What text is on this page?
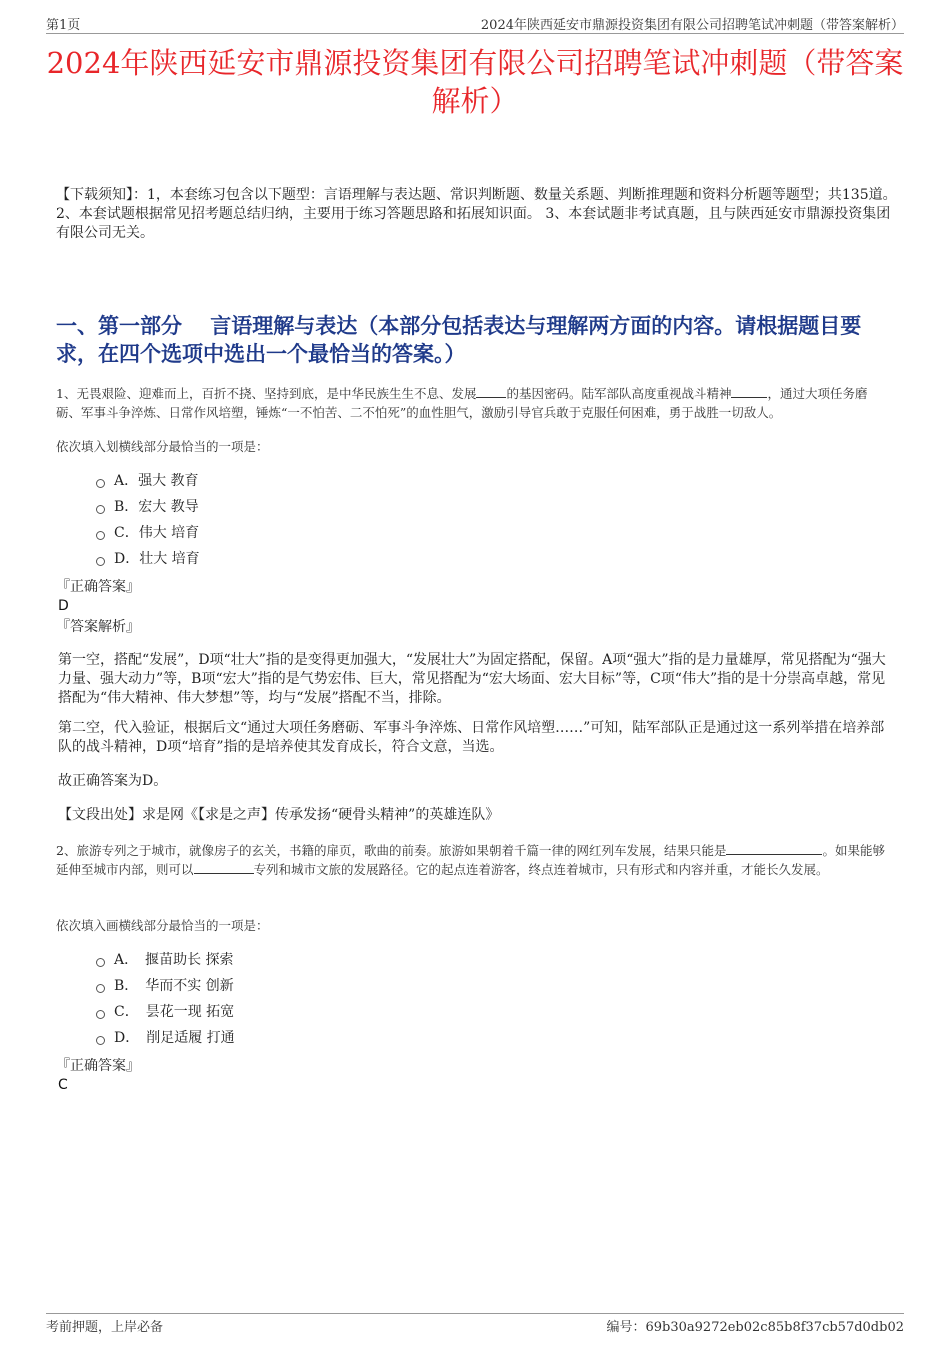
第1页	2024年陕西延安市鼎源投资集团有限公司招聘笔试冲刺题（带答案解析）
2024年陕西延安市鼎源投资集团有限公司招聘笔试冲刺题（带答案解析）

【下载须知】：1，本套练习包含以下题型：言语理解与表达题、常识判断题、数量关系题、判断推理题和资料分析题等题型；共135道。 2、本套试题根据常见招考题总结归纳，主要用于练习答题思路和拓展知识面。 3、本套试题非考试真题，且与陕西延安市鼎源投资集团有限公司无关。

一、第一部分　 言语理解与表达（本部分包括表达与理解两方面的内容。请根据题目要求，在四个选项中选出一个最恰当的答案。）

1、无畏艰险、迎难而上，百折不挠、坚持到底，是中华民族生生不息、发展 的基因密码。陆军部队高度重视战斗精神	，通过大项任务磨砺、军事斗争淬炼、日常作风培塑，锤炼“一不怕苦、二不怕死”的血性胆气，激励引导官兵敢于克服任何困难，勇于战胜一切敌人。

依次填入划横线部分最恰当的一项是：

A．强大 教育
B．宏大 教导
C．伟大 培育
D．壮大 培育
『正确答案』
D
『答案解析』

第一空，搭配“发展”，D项“壮大”指的是变得更加强大，“发展壮大”为固定搭配，保留。A项“强大”指的是力量雄厚，常见搭配为“强大力量、强大动力”等，B项“宏大”指的是气势宏伟、巨大，常见搭配为“宏大场面、宏大目标”等，C项“伟大”指的是十分崇高卓越，常见搭配为“伟大精神、伟大梦想”等，均与“发展”搭配不当，排除。

第二空，代入验证，根据后文“通过大项任务磨砺、军事斗争淬炼、日常作风培塑……”可知，陆军部队正是通过这一系列举措在培养部队的战斗精神，D项“培育”指的是培养使其发育成长，符合文意，当选。

故正确答案为D。

【文段出处】求是网《【求是之声】传承发扬“硬骨头精神”的英雄连队》

2、旅游专列之于城市，就像房子的玄关，书籍的扉页，歌曲的前奏。旅游如果朝着千篇一律的网红列车发展，结果只能是	。如果能够延伸至城市内部，则可以	专列和城市文旅的发展路径。它的起点连着游客，终点连着城市，只有形式和内容并重，才能长久发展。

依次填入画横线部分最恰当的一项是：

A．　揠苗助长 探索
B．　华而不实 创新
C．　昙花一现 拓宽
D．　削足适履 打通
『正确答案』
C
考前押题，上岸必备	编号：69b30a9272eb02c85b8f37cb57d0db02
